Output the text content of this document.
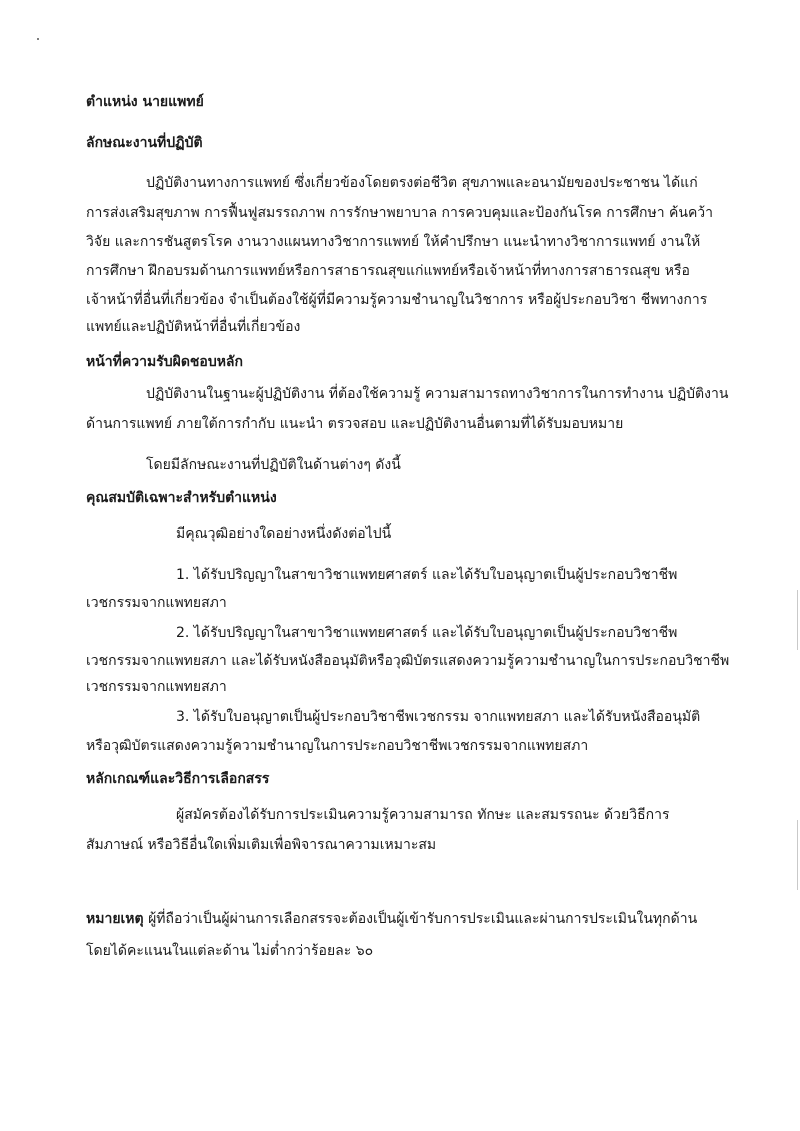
ตำแหน่ง นายแพทย์
ลักษณะงานที่ปฏิบัติ
ปฏิบัติงานทางการแพทย์ ซึ่งเกี่ยวข้องโดยตรงต่อชีวิต สุขภาพและอนามัยของประชาชน ได้แก่
การส่งเสริมสุขภาพ การฟื้นฟูสมรรถภาพ การรักษาพยาบาล การควบคุมและป้องกันโรค การศึกษา ค้นคว้า
วิจัย และการชันสูตรโรค งานวางแผนทางวิชาการแพทย์ ให้คำปรึกษา แนะนำทางวิชาการแพทย์ งานให้
การศึกษา ฝึกอบรมด้านการแพทย์หรือการสาธารณสุขแก่แพทย์หรือเจ้าหน้าที่ทางการสาธารณสุข หรือ
เจ้าหน้าที่อื่นที่เกี่ยวข้อง จำเป็นต้องใช้ผู้ที่มีความรู้ความชำนาญในวิชาการ หรือผู้ประกอบวิชา ชีพทางการ
แพทย์และปฏิบัติหน้าที่อื่นที่เกี่ยวข้อง
หน้าที่ความรับผิดชอบหลัก
ปฏิบัติงานในฐานะผู้ปฏิบัติงาน ที่ต้องใช้ความรู้ ความสามารถทางวิชาการในการทำงาน ปฏิบัติงาน
ด้านการแพทย์ ภายใต้การกำกับ แนะนำ ตรวจสอบ และปฏิบัติงานอื่นตามที่ได้รับมอบหมาย
โดยมีลักษณะงานที่ปฏิบัติในด้านต่างๆ ดังนี้
คุณสมบัติเฉพาะสำหรับตำแหน่ง
มีคุณวุฒิอย่างใดอย่างหนึ่งดังต่อไปนี้
1. ได้รับปริญญาในสาขาวิชาแพทยศาสตร์ และได้รับใบอนุญาตเป็นผู้ประกอบวิชาชีพ
เวชกรรมจากแพทยสภา
2. ได้รับปริญญาในสาขาวิชาแพทยศาสตร์ และได้รับใบอนุญาตเป็นผู้ประกอบวิชาชีพ
เวชกรรมจากแพทยสภา และได้รับหนังสืออนุมัติหรือวุฒิบัตรแสดงความรู้ความชำนาญในการประกอบวิชาชีพ
เวชกรรมจากแพทยสภา
3. ได้รับใบอนุญาตเป็นผู้ประกอบวิชาชีพเวชกรรม จากแพทยสภา และได้รับหนังสืออนุมัติ
หรือวุฒิบัตรแสดงความรู้ความชำนาญในการประกอบวิชาชีพเวชกรรมจากแพทยสภา
หลักเกณฑ์และวิธีการเลือกสรร
ผู้สมัครต้องได้รับการประเมินความรู้ความสามารถ ทักษะ และสมรรถนะ ด้วยวิธีการ
สัมภาษณ์ หรือวิธีอื่นใดเพิ่มเติมเพื่อพิจารณาความเหมาะสม
หมายเหตุ ผู้ที่ถือว่าเป็นผู้ผ่านการเลือกสรรจะต้องเป็นผู้เข้ารับการประเมินและผ่านการประเมินในทุกด้าน
โดยได้คะแนนในแต่ละด้าน ไม่ต่ำกว่าร้อยละ ๖๐
